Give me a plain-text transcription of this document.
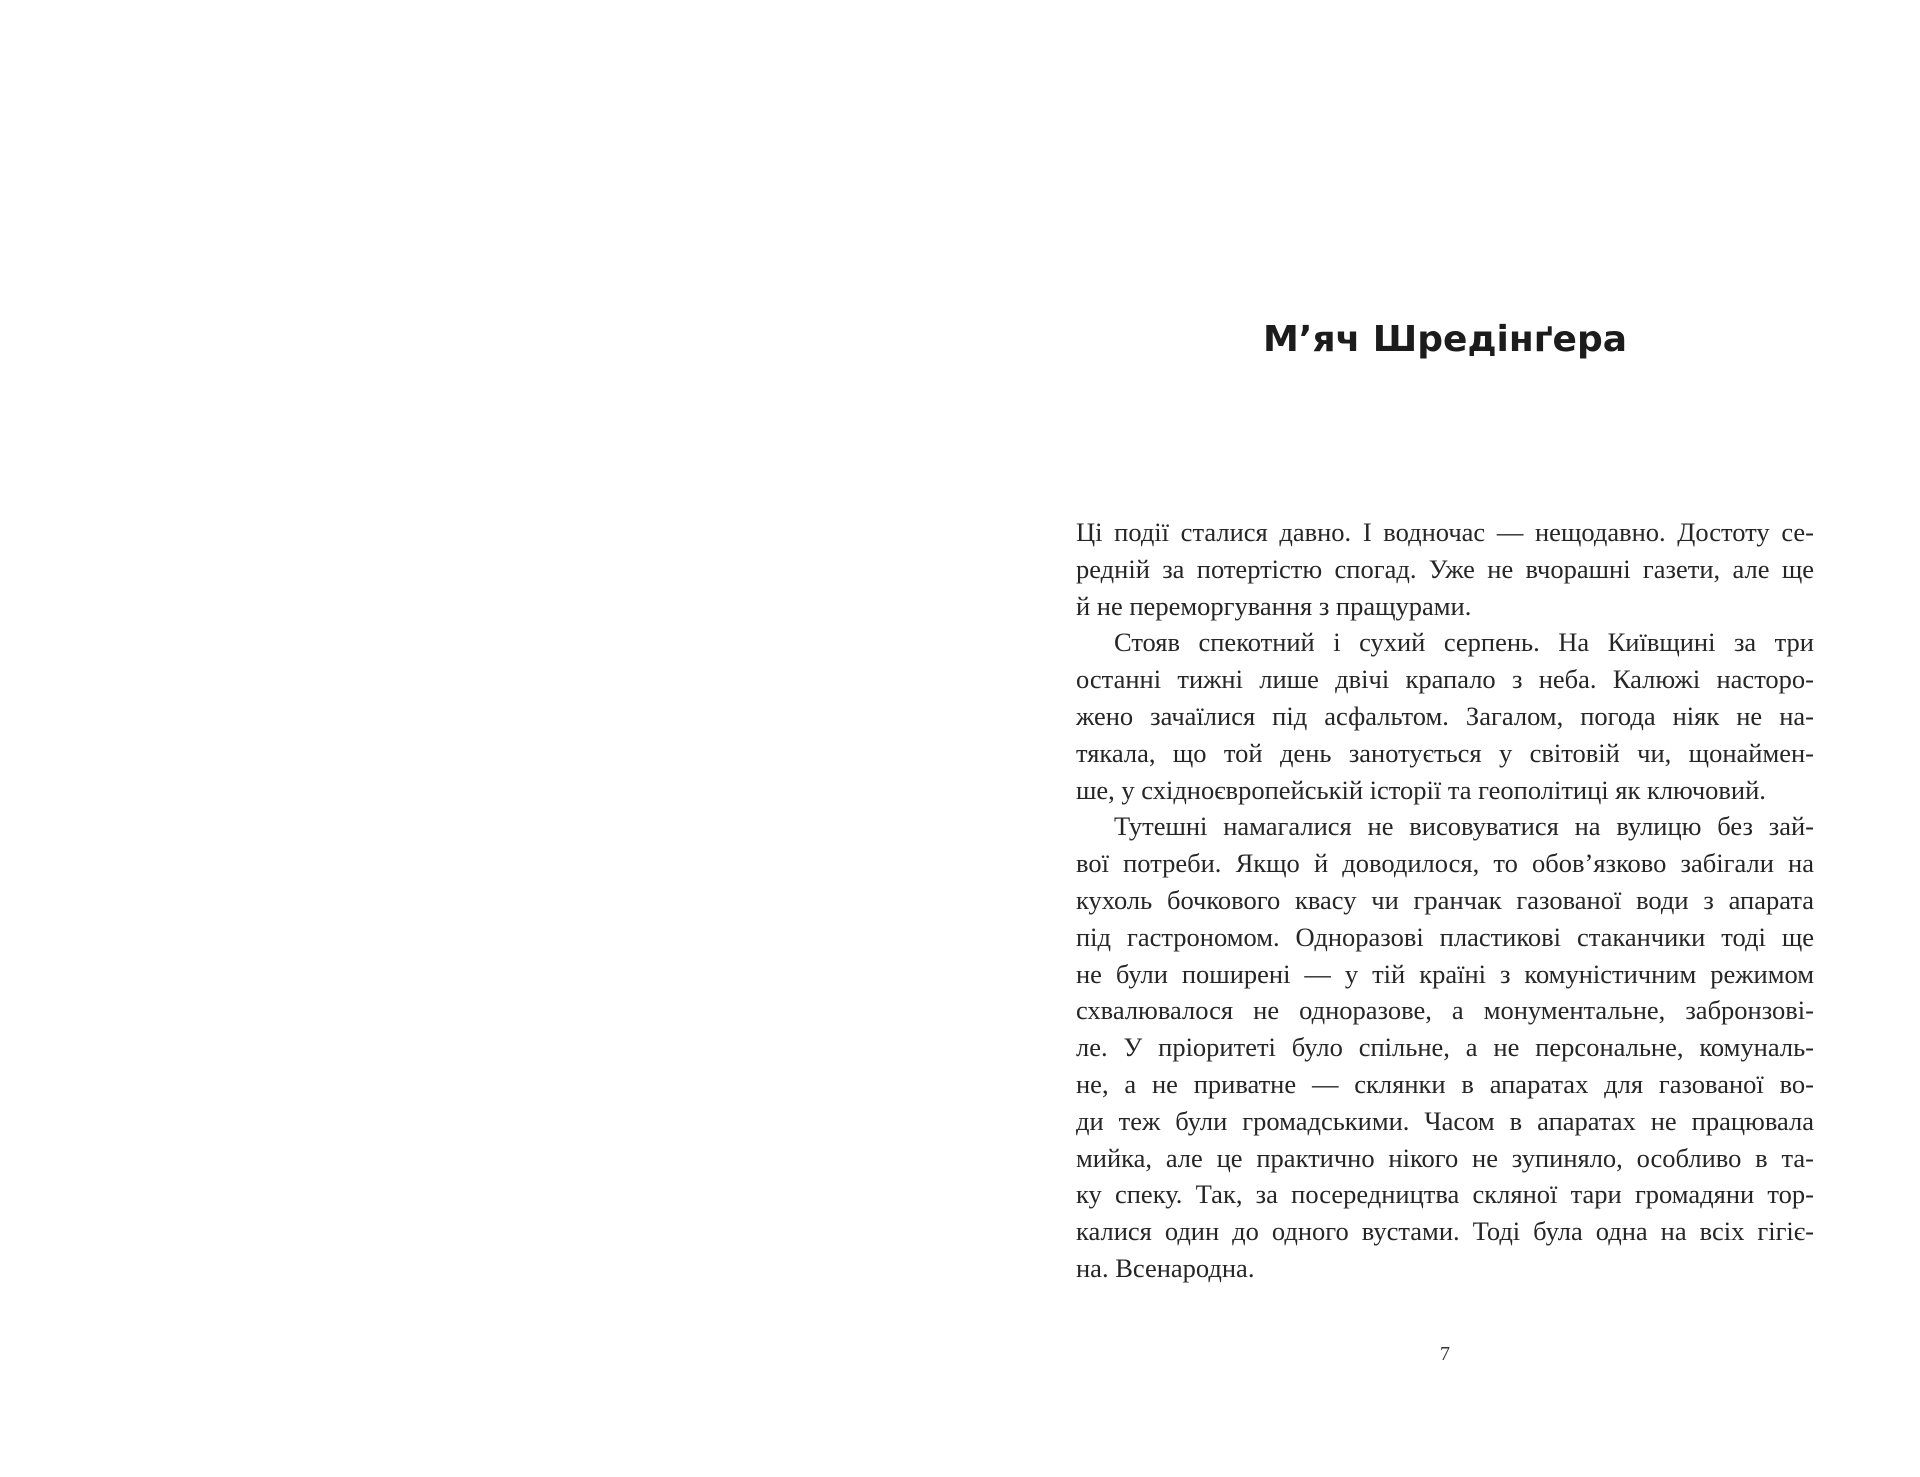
М’яч Шредінґера

Ці події сталися давно. І водночас — нещодавно. Достоту се-
редній за потертістю спогад. Уже не вчорашні газети, але ще
й не переморгування з пращурами.

Стояв спекотний і сухий серпень. На Київщині за три
останні тижні лише двічі крапало з неба. Калюжі насторо-
жено зачаїлися під асфальтом. Загалом, погода ніяк не на-
тякала, що той день занотується у світовій чи, щонаймен-
ше, у східноєвропейській історії та геополітиці як ключовий.

Тутешні намагалися не висовуватися на вулицю без зай-
вої потреби. Якщо й доводилося, то обов’язково забігали на
кухоль бочкового квасу чи гранчак газованої води з апарата
під гастрономом. Одноразові пластикові стаканчики тоді ще
не були поширені — у тій країні з комуністичним режимом
схвалювалося не одноразове, а монументальне, забронзові-
ле. У пріоритеті було спільне, а не персональне, комуналь-
не, а не приватне — склянки в апаратах для газованої во-
ди теж були громадськими. Часом в апаратах не працювала
мийка, але це практично нікого не зупиняло, особливо в та-
ку спеку. Так, за посередництва скляної тари громадяни тор-
калися один до одного вустами. Тоді була одна на всіх гігіє-
на. Всенародна.

7
